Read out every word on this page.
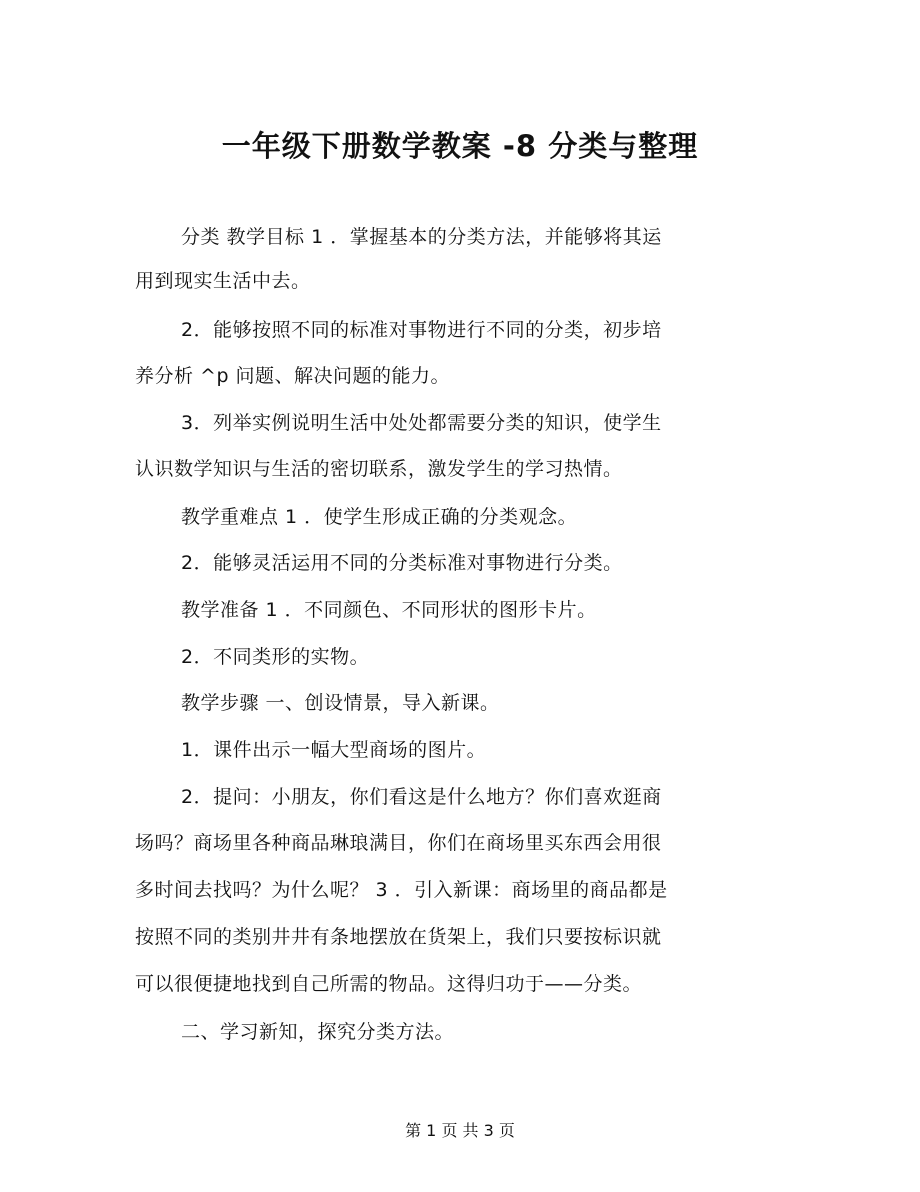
一年级下册数学教案 -8 分类与整理
分类 教学目标 1 ．掌握基本的分类方法，并能够将其运
用到现实生活中去。
2．能够按照不同的标准对事物进行不同的分类，初步培
养分析 ^p 问题、解决问题的能力。
3．列举实例说明生活中处处都需要分类的知识，使学生
认识数学知识与生活的密切联系，激发学生的学习热情。
教学重难点 1 ．使学生形成正确的分类观念。
2．能够灵活运用不同的分类标准对事物进行分类。
教学准备 1 ．不同颜色、不同形状的图形卡片。
2．不同类形的实物。
教学步骤 一、创设情景，导入新课。
1．课件出示一幅大型商场的图片。
2．提问：小朋友，你们看这是什么地方？你们喜欢逛商
场吗？商场里各种商品琳琅满目，你们在商场里买东西会用很
多时间去找吗？为什么呢？ 3 ．引入新课：商场里的商品都是
按照不同的类别井井有条地摆放在货架上，我们只要按标识就
可以很便捷地找到自己所需的物品。这得归功于——分类。
二、学习新知，探究分类方法。
第 1 页 共 3 页
